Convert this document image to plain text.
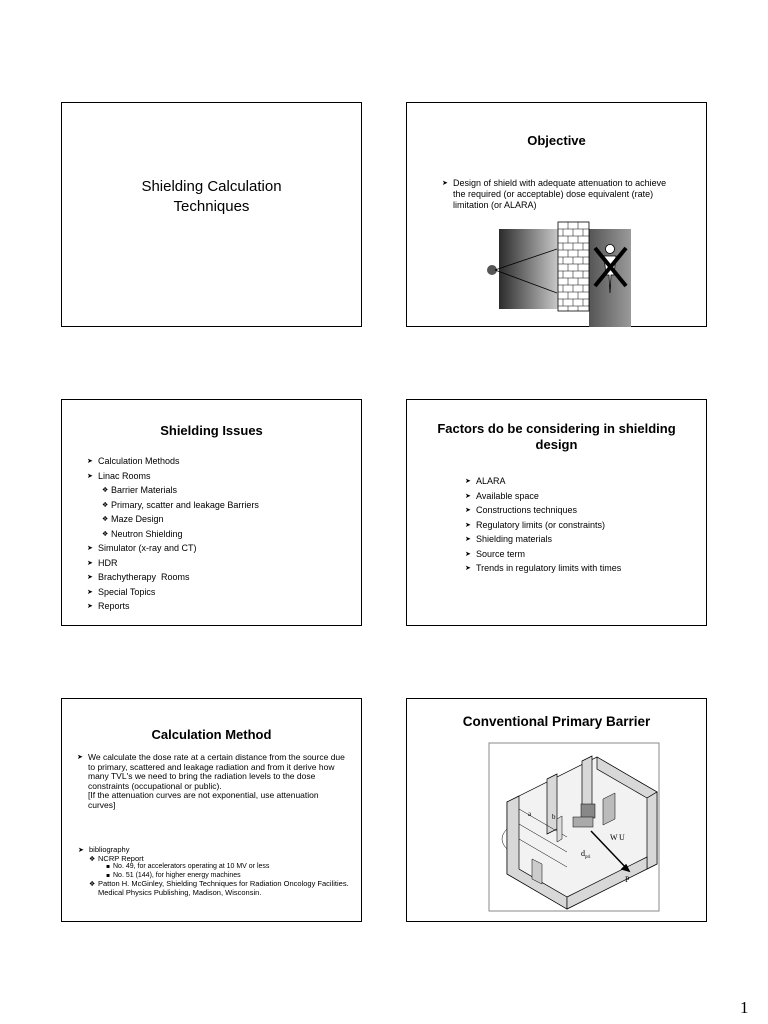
Shielding Calculation
Techniques
Objective
➤ Design of shield with adequate attenuation to achieve the required (or acceptable) dose equivalent (rate) limitation (or ALARA)
Shielding Issues
➤ Calculation Methods
➤ Linac Rooms
❖ Barrier Materials
❖ Primary, scatter and leakage Barriers
❖ Maze Design
❖ Neutron Shielding
➤ Simulator (x-ray and CT)
➤ HDR
➤ Brachytherapy  Rooms
➤ Special Topics
➤ Reports
Factors do be considering in shielding design
➤ ALARA
➤ Available space
➤ Constructions techniques
➤ Regulatory limits (or constraints)
➤ Shielding materials
➤ Source term
➤ Trends in regulatory limits with times
Calculation Method
➤ We calculate the dose rate at a certain distance from the source due to primary, scattered and leakage radiation and from it derive how many TVL's we need to bring the radiation levels to the dose constraints (occupational or public).
[If the attenuation curves are not exponential, use attenuation curves]
➤ bibliography
❖ NCRP Report
▪ No. 49, for accelerators operating at 10 MV or less
▪ No. 51 (144), for higher energy machines
❖ Patton H. McGinley, Shielding Techniques for Radiation Oncology Facilities. Medical Physics Publishing, Madison, Wisconsin.
Conventional Primary Barrier
a	b
W U
$d_{pri}$
P
1
